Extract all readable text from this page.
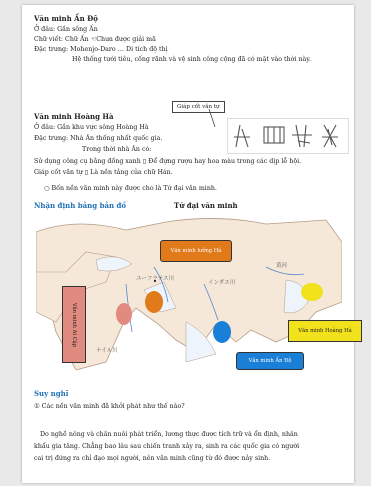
Văn minh Ấn Độ
Ở đâu: Gần sông Ấn
Chữ viết: Chữ Ấn ☜Chưa được giải mã
Đặc trưng: Mohenjo-Daro … Di tích độ thị
Hệ thống tưới tiêu, cống rãnh và vệ sinh công cộng đã có mặt vào thời này.
Giáp cốt văn tự
Văn minh Hoàng Hà
Ở đâu: Gần khu vực sông Hoàng Hà
Đặc trưng: Nhà Ân thống nhất quốc gia.
Trong thời nhà Ân có:
Sử dụng công cụ bằng đồng xanh ▯ Để đựng rượu hay hoa màu trong các dịp lễ hội.
Giáp cốt văn tự ▯ Là nền tảng của chữ Hán.
○ Bốn nền văn minh này được cho là Tứ đại văn minh.
Nhận định bảng bản đồ	Tứ đại văn minh
ユーフラテス川
インダス川
黄河
ナイル川
Văn minh lưỡng Hà
Văn minh Ai Cập
Văn minh Ấn Độ
Văn minh Hoàng Hà
Suy nghĩ
① Các nền văn minh đã khởi phát như thế nào?
Do nghề nông và chăn nuôi phát triển, lương thực được tích trữ và ổn định, nhân
khẩu gia tăng. Chẳng bao lâu sau chiến tranh xảy ra, sinh ra các quốc gia có người
cai trị đứng ra chỉ đạo mọi người, nên văn minh cũng từ đó được nảy sinh.
